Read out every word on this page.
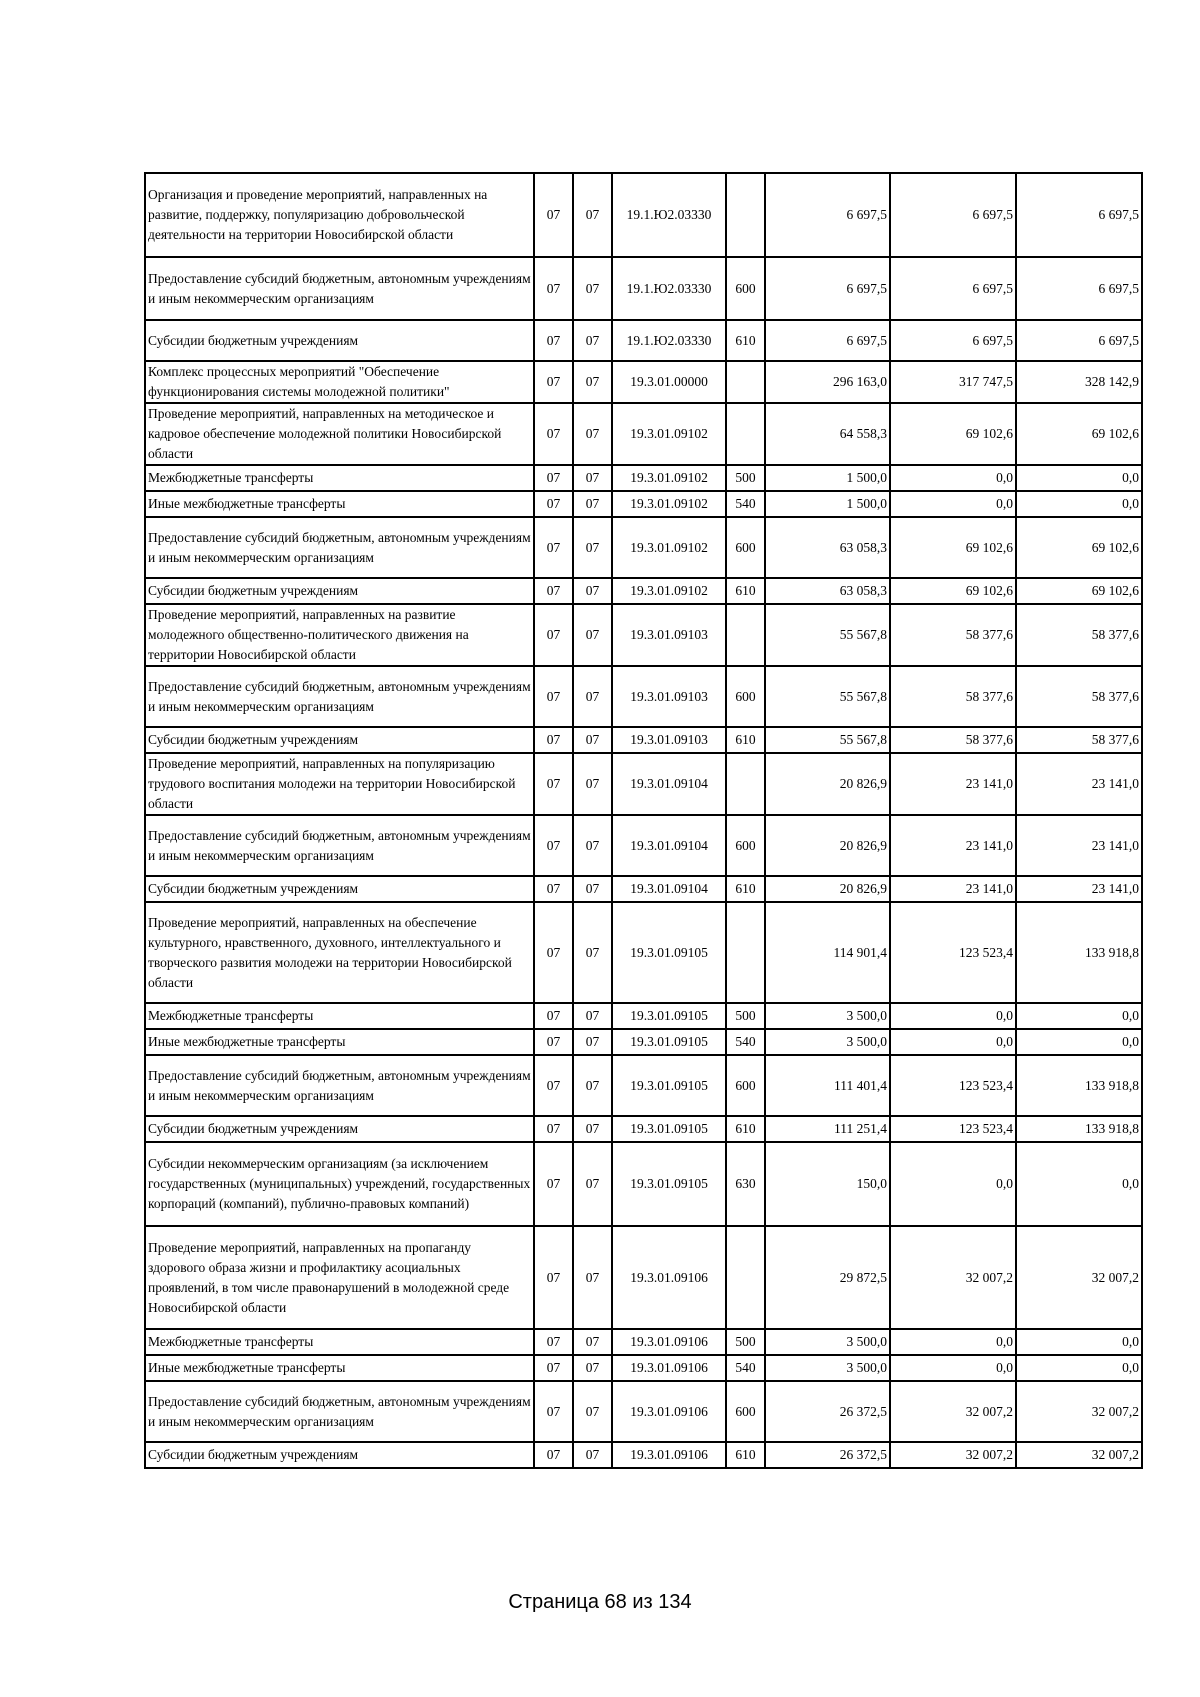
Организация и проведение мероприятий, направленных на развитие, поддержку, популяризацию добровольческой деятельности на территории Новосибирской области	07	07	19.1.Ю2.03330		6 697,5	6 697,5	6 697,5
Предоставление субсидий бюджетным, автономным учреждениям и иным некоммерческим организациям	07	07	19.1.Ю2.03330	600	6 697,5	6 697,5	6 697,5
Субсидии бюджетным учреждениям	07	07	19.1.Ю2.03330	610	6 697,5	6 697,5	6 697,5
Комплекс процессных мероприятий "Обеспечение функционирования системы молодежной политики"	07	07	19.3.01.00000		296 163,0	317 747,5	328 142,9
Проведение мероприятий, направленных на методическое и кадровое обеспечение молодежной политики Новосибирской области	07	07	19.3.01.09102		64 558,3	69 102,6	69 102,6
Межбюджетные трансферты	07	07	19.3.01.09102	500	1 500,0	0,0	0,0
Иные межбюджетные трансферты	07	07	19.3.01.09102	540	1 500,0	0,0	0,0
Предоставление субсидий бюджетным, автономным учреждениям и иным некоммерческим организациям	07	07	19.3.01.09102	600	63 058,3	69 102,6	69 102,6
Субсидии бюджетным учреждениям	07	07	19.3.01.09102	610	63 058,3	69 102,6	69 102,6
Проведение мероприятий, направленных на развитие молодежного общественно-политического движения на территории Новосибирской области	07	07	19.3.01.09103		55 567,8	58 377,6	58 377,6
Предоставление субсидий бюджетным, автономным учреждениям и иным некоммерческим организациям	07	07	19.3.01.09103	600	55 567,8	58 377,6	58 377,6
Субсидии бюджетным учреждениям	07	07	19.3.01.09103	610	55 567,8	58 377,6	58 377,6
Проведение мероприятий, направленных на популяризацию трудового воспитания молодежи на территории Новосибирской области	07	07	19.3.01.09104		20 826,9	23 141,0	23 141,0
Предоставление субсидий бюджетным, автономным учреждениям и иным некоммерческим организациям	07	07	19.3.01.09104	600	20 826,9	23 141,0	23 141,0
Субсидии бюджетным учреждениям	07	07	19.3.01.09104	610	20 826,9	23 141,0	23 141,0
Проведение мероприятий, направленных на обеспечение культурного, нравственного, духовного, интеллектуального и творческого развития молодежи на территории Новосибирской области	07	07	19.3.01.09105		114 901,4	123 523,4	133 918,8
Межбюджетные трансферты	07	07	19.3.01.09105	500	3 500,0	0,0	0,0
Иные межбюджетные трансферты	07	07	19.3.01.09105	540	3 500,0	0,0	0,0
Предоставление субсидий бюджетным, автономным учреждениям и иным некоммерческим организациям	07	07	19.3.01.09105	600	111 401,4	123 523,4	133 918,8
Субсидии бюджетным учреждениям	07	07	19.3.01.09105	610	111 251,4	123 523,4	133 918,8
Субсидии некоммерческим организациям (за исключением государственных (муниципальных) учреждений, государственных корпораций (компаний), публично-правовых компаний)	07	07	19.3.01.09105	630	150,0	0,0	0,0
Проведение мероприятий, направленных на пропаганду здорового образа жизни и профилактику асоциальных проявлений, в том числе правонарушений в молодежной среде Новосибирской области	07	07	19.3.01.09106		29 872,5	32 007,2	32 007,2
Межбюджетные трансферты	07	07	19.3.01.09106	500	3 500,0	0,0	0,0
Иные межбюджетные трансферты	07	07	19.3.01.09106	540	3 500,0	0,0	0,0
Предоставление субсидий бюджетным, автономным учреждениям и иным некоммерческим организациям	07	07	19.3.01.09106	600	26 372,5	32 007,2	32 007,2
Субсидии бюджетным учреждениям	07	07	19.3.01.09106	610	26 372,5	32 007,2	32 007,2
Страница 68 из 134
